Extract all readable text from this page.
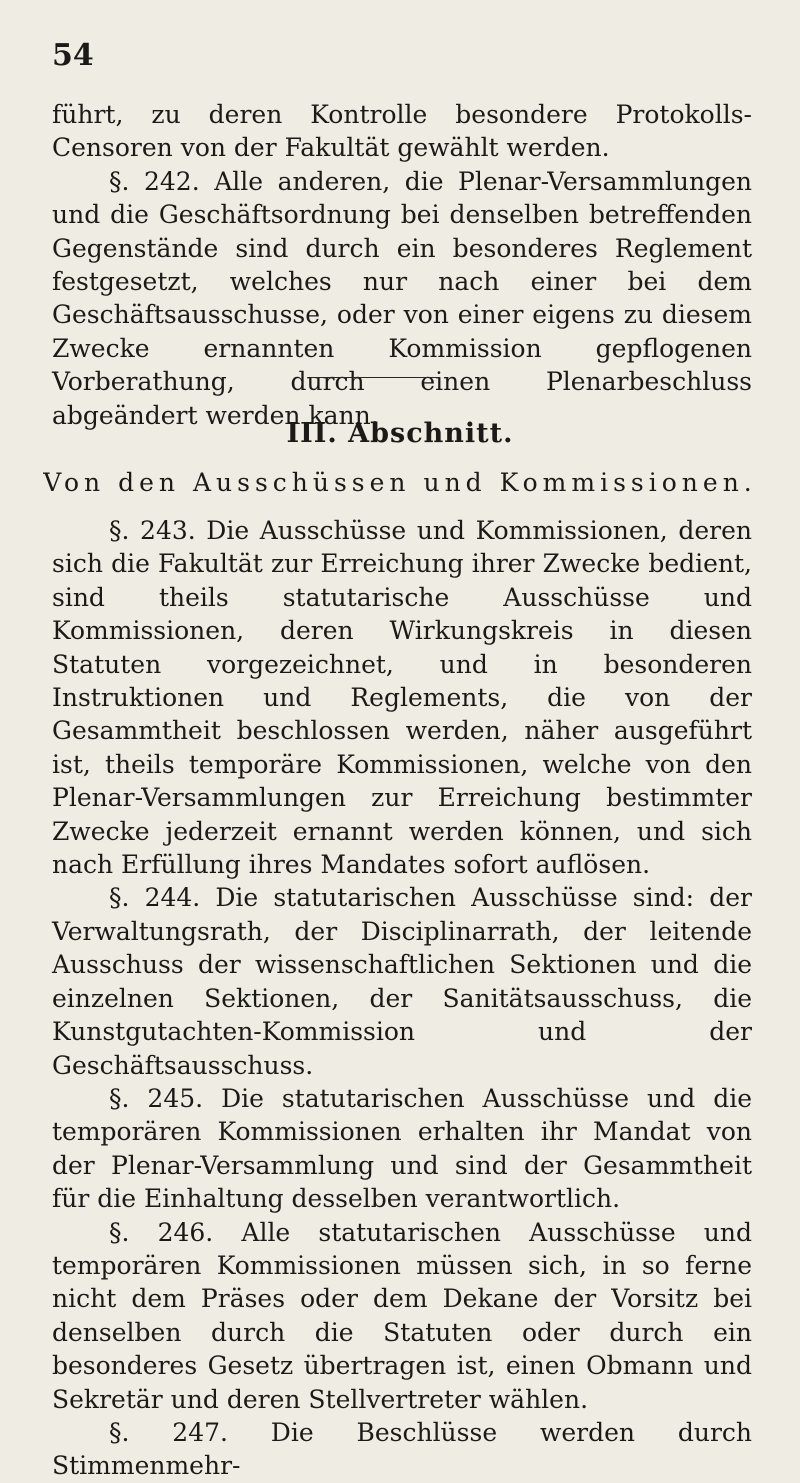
54

führt, zu deren Kontrolle besondere Protokolls-Censoren von der Fakultät gewählt werden.

§. 242. Alle anderen, die Plenar-Versammlungen und die Geschäftsordnung bei denselben betreffenden Gegenstände sind durch ein besonderes Reglement festgesetzt, welches nur nach einer bei dem Geschäftsausschusse, oder von einer eigens zu diesem Zwecke ernannten Kommission gepflogenen Vorberathung, durch einen Plenarbeschluss abgeändert werden kann.

III. Abschnitt.
Von den Ausschüssen und Kommissionen.

§. 243. Die Ausschüsse und Kommissionen, deren sich die Fakultät zur Erreichung ihrer Zwecke bedient, sind theils statutarische Ausschüsse und Kommissionen, deren Wirkungskreis in diesen Statuten vorgezeichnet, und in besonderen Instruktionen und Reglements, die von der Gesammtheit beschlossen werden, näher ausgeführt ist, theils temporäre Kommissionen, welche von den Plenar-Versammlungen zur Erreichung bestimmter Zwecke jederzeit ernannt werden können, und sich nach Erfüllung ihres Mandates sofort auflösen.

§. 244. Die statutarischen Ausschüsse sind: der Verwaltungsrath, der Disciplinarrath, der leitende Ausschuss der wissenschaftlichen Sektionen und die einzelnen Sektionen, der Sanitätsausschuss, die Kunstgutachten-Kommission und der Geschäftsausschuss.

§. 245. Die statutarischen Ausschüsse und die temporären Kommissionen erhalten ihr Mandat von der Plenar-Versammlung und sind der Gesammtheit für die Einhaltung desselben verantwortlich.

§. 246. Alle statutarischen Ausschüsse und temporären Kommissionen müssen sich, in so ferne nicht dem Präses oder dem Dekane der Vorsitz bei denselben durch die Statuten oder durch ein besonderes Gesetz übertragen ist, einen Obmann und Sekretär und deren Stellvertreter wählen.

§. 247. Die Beschlüsse werden durch Stimmenmehr-
